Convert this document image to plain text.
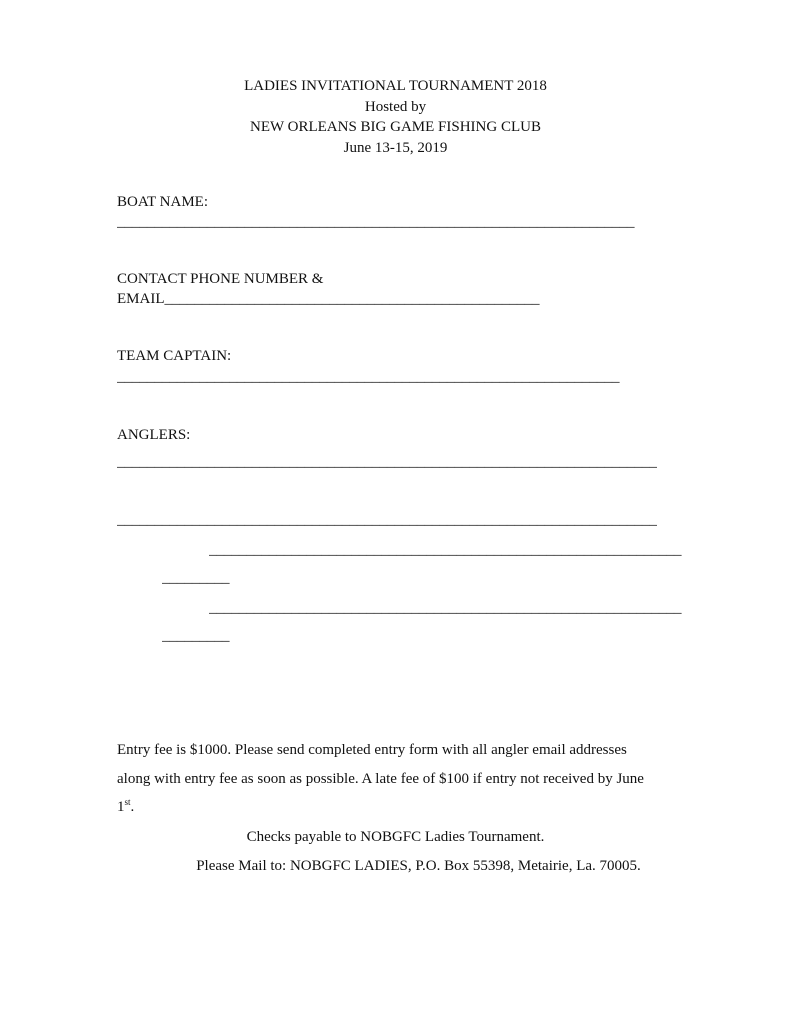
LADIES INVITATIONAL TOURNAMENT 2018
Hosted by
NEW ORLEANS BIG GAME FISHING CLUB
June 13-15, 2019
BOAT NAME:
_____________________________________________________________________
CONTACT PHONE NUMBER &
EMAIL__________________________________________________
TEAM CAPTAIN:
___________________________________________________________________
ANGLERS:
________________________________________________________________________
________________________________________________________________________
_______________________________________________________________
_________
_______________________________________________________________
_________
Entry fee is $1000. Please send completed entry form with all angler email addresses
along with entry fee as soon as possible. A late fee of $100 if entry not received by June
1st.
Checks payable to NOBGFC Ladies Tournament.
Please Mail to: NOBGFC LADIES, P.O. Box 55398, Metairie, La. 70005.
